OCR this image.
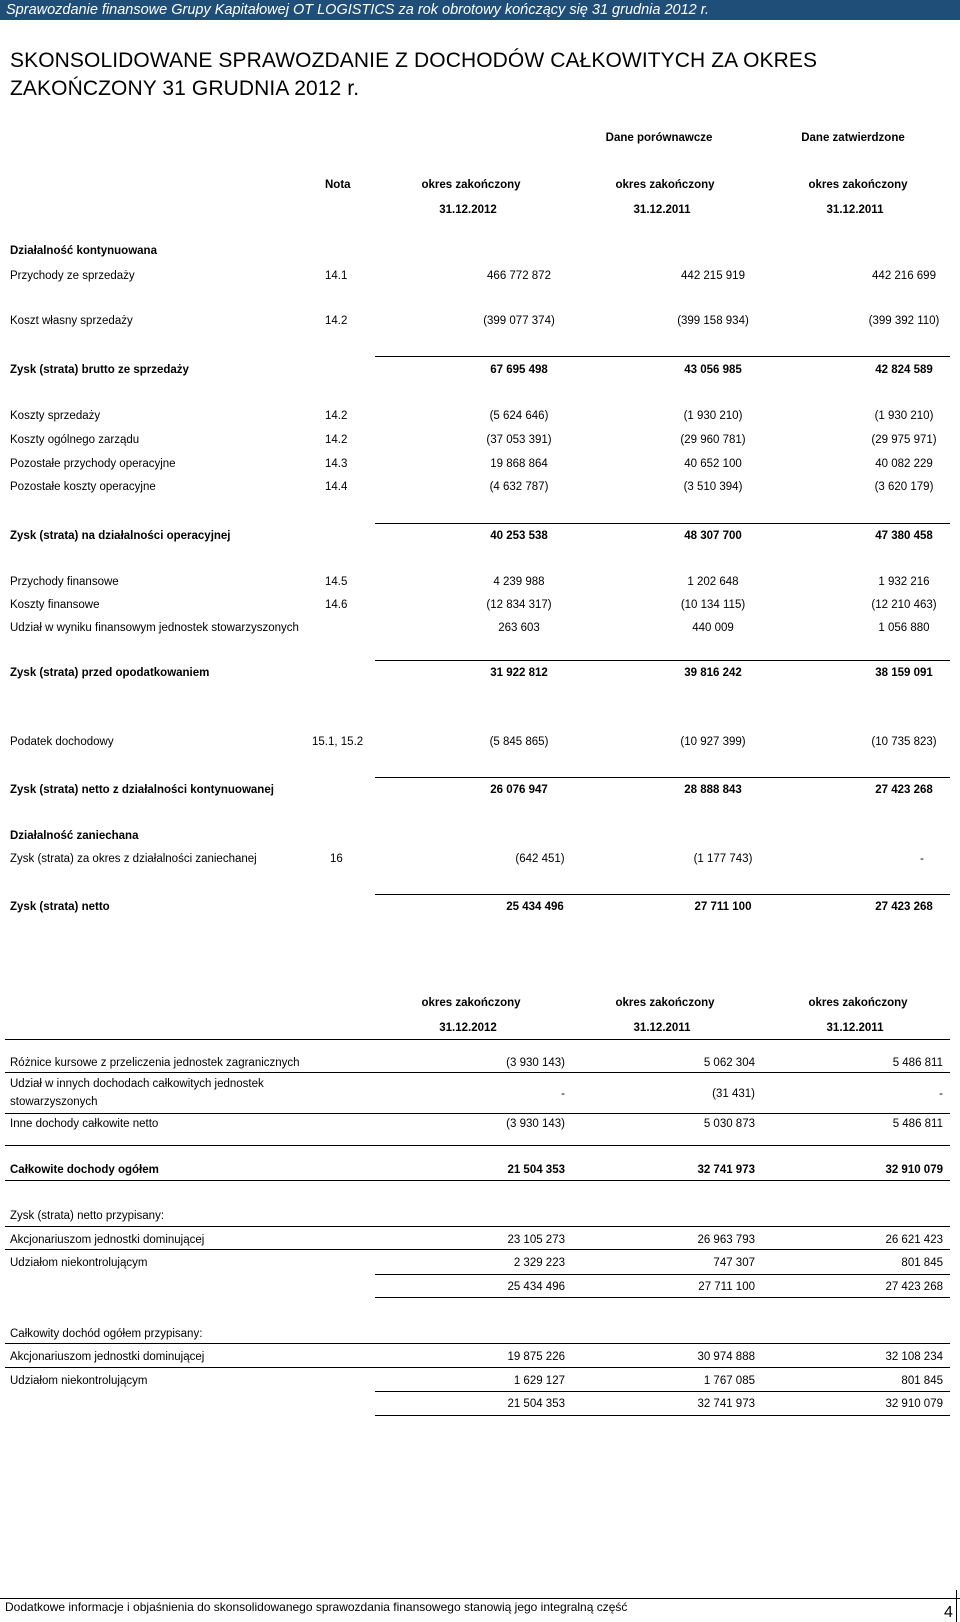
Sprawozdanie finansowe Grupy Kapitałowej OT LOGISTICS za rok obrotowy kończący się 31 grudnia 2012 r.
SKONSOLIDOWANE SPRAWOZDANIE Z DOCHODÓW CAŁKOWITYCH ZA OKRES ZAKOŃCZONY 31 GRUDNIA 2012 r.
Dane porównawcze	Dane zatwierdzone
Nota	okres zakończony	okres zakończony	okres zakończony
31.12.2012	31.12.2011	31.12.2011
Działalność kontynuowana
Przychody ze sprzedaży	14.1	466 772 872	442 215 919	442 216 699
Koszt własny sprzedaży	14.2	(399 077 374)	(399 158 934)	(399 392 110)
Zysk (strata) brutto ze sprzedaży	67 695 498	43 056 985	42 824 589
Koszty sprzedaży	14.2	(5 624 646)	(1 930 210)	(1 930 210)
Koszty ogólnego zarządu	14.2	(37 053 391)	(29 960 781)	(29 975 971)
Pozostałe przychody operacyjne	14.3	19 868 864	40 652 100	40 082 229
Pozostałe koszty operacyjne	14.4	(4 632 787)	(3 510 394)	(3 620 179)
Zysk (strata) na działalności operacyjnej	40 253 538	48 307 700	47 380 458
Przychody finansowe	14.5	4 239 988	1 202 648	1 932 216
Koszty finansowe	14.6	(12 834 317)	(10 134 115)	(12 210 463)
Udział w wyniku finansowym jednostek stowarzyszonych	263 603	440 009	1 056 880
Zysk (strata) przed opodatkowaniem	31 922 812	39 816 242	38 159 091
Podatek dochodowy	15.1, 15.2	(5 845 865)	(10 927 399)	(10 735 823)
Zysk (strata) netto z działalności kontynuowanej	26 076 947	28 888 843	27 423 268
Działalność zaniechana
Zysk (strata) za okres z działalności zaniechanej	16	(642 451)	(1 177 743)	-
Zysk (strata) netto	25 434 496	27 711 100	27 423 268
okres zakończony	okres zakończony	okres zakończony
31.12.2012	31.12.2011	31.12.2011
Różnice kursowe z przeliczenia jednostek zagranicznych	(3 930 143)	5 062 304	5 486 811
Udział w innych dochodach całkowitych jednostek
stowarzyszonych
-	(31 431)	-
Inne dochody całkowite netto	(3 930 143)	5 030 873	5 486 811
Całkowite dochody ogółem	21 504 353	32 741 973	32 910 079
Zysk (strata) netto przypisany:
Akcjonariuszom jednostki dominującej	23 105 273	26 963 793	26 621 423
Udziałom niekontrolującym	2 329 223	747 307	801 845
25 434 496	27 711 100	27 423 268
Całkowity dochód ogółem przypisany:
Akcjonariuszom jednostki dominującej	19 875 226	30 974 888	32 108 234
Udziałom niekontrolującym	1 629 127	1 767 085	801 845
21 504 353	32 741 973	32 910 079
Dodatkowe informacje i objaśnienia do skonsolidowanego sprawozdania finansowego stanowią jego integralną część	4
